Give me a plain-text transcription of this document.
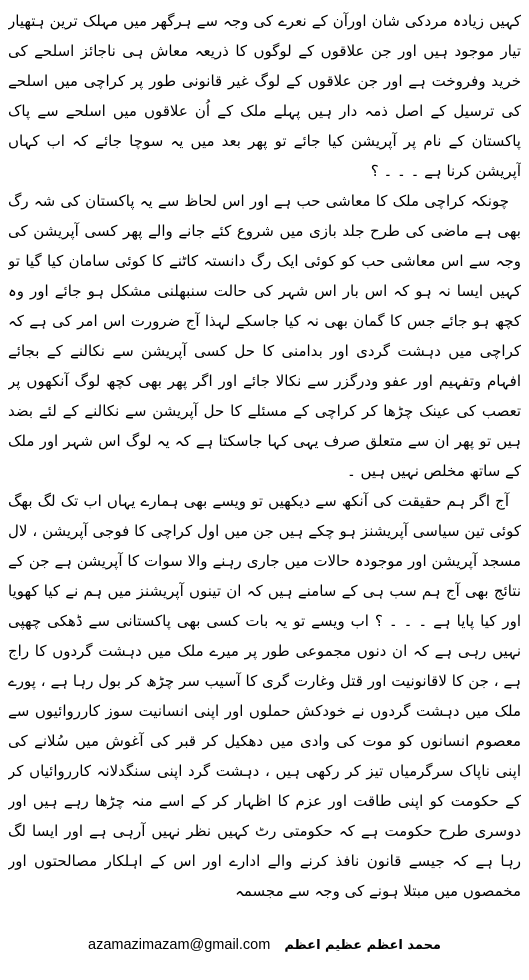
کہیں زیادہ مردکی شان اورآن کے نعرے کی وجہ سے ہرگھر میں مہلک ترین ہتھیار تیار موجود ہیں اور جن علاقوں کے لوگوں کا ذریعہ معاش ہی ناجائز اسلحے کی خرید وفروخت ہے اور جن علاقوں کے لوگ غیر قانونی طور پر کراچی میں اسلحے کی ترسیل کے اصل ذمہ دار ہیں پہلے ملک کے اُن علاقوں میں اسلحے سے پاک پاکستان کے نام پر آپریشن کیا جائے تو پھر بعد میں یہ سوچا جائے کہ اب کہاں آپریشن کرنا ہے ۔ ۔ ۔ ؟

چونکہ کراچی ملک کا معاشی حب ہے اور اس لحاظ سے یہ پاکستان کی شہ رگ بھی ہے ماضی کی طرح جلد بازی میں شروع کئے جانے والے پھر کسی آپریشن کی وجہ سے اس معاشی حب کو کوئی ایک رگ دانستہ کاٹنے کا کوئی سامان کیا گیا تو کہیں ایسا نہ ہو کہ اس بار اس شہر کی حالت سنبھلنی مشکل ہو جائے اور وہ کچھ ہو جائے جس کا گمان بھی نہ کیا جاسکے لہذا آج ضرورت اس امر کی ہے کہ کراچی میں دہشت گردی اور بدامنی کا حل کسی آپریشن سے نکالنے کے بجائے افہام وتفہیم اور عفو ودرگزر سے نکالا جائے اور اگر پھر بھی کچھ لوگ آنکھوں پر تعصب کی عینک چڑھا کر کراچی کے مسئلے کا حل آپریشن سے نکالنے کے لئے بضد ہیں تو پھر ان سے متعلق صرف یہی کہا جاسکتا ہے کہ یہ لوگ اس شہر اور ملک کے ساتھ مخلص نہیں ہیں ۔

آج اگر ہم حقیقت کی آنکھ سے دیکھیں تو ویسے بھی ہمارے یہاں اب تک لگ بھگ کوئی تین سیاسی آپریشنز ہو چکے ہیں جن میں اول کراچی کا فوجی آپریشن ، لال مسجد آپریشن اور موجودہ حالات میں جاری رہنے والا سوات کا آپریشن ہے جن کے نتائج بھی آج ہم سب ہی کے سامنے ہیں کہ ان تینوں آپریشنز میں ہم نے کیا کھویا اور کیا پایا ہے ۔ ۔ ۔ ؟ اب ویسے تو یہ بات کسی بھی پاکستانی سے ڈھکی چھپی نہیں رہی ہے کہ ان دنوں مجموعی طور پر میرے ملک میں دہشت گردوں کا راج ہے ، جن کا لاقانونیت اور قتل وغارت گری کا آسیب سر چڑھ کر بول رہا ہے ، پورے ملک میں دہشت گردوں نے خودکش حملوں اور اپنی انسانیت سوز کارروائیوں سے معصوم انسانوں کو موت کی وادی میں دھکیل کر قبر کی آغوش میں سُلانے کی اپنی ناپاک سرگرمیاں تیز کر رکھی ہیں ، دہشت گرد اپنی سنگدلانہ کارروائیاں کر کے حکومت کو اپنی طاقت اور عزم کا اظہار کر کے اسے منہ چڑھا رہے ہیں اور دوسری طرح حکومت ہے کہ حکومتی رٹ کہیں نظر نہیں آرہی ہے اور ایسا لگ رہا ہے کہ جیسے قانون نافذ کرنے والے ادارے اور اس کے اہلکار مصالحتوں اور مخمصوں میں مبتلا ہونے کی وجہ سے مجسمہ

azamazimazam@gmail.com محمد اعظم عظیم اعظم
